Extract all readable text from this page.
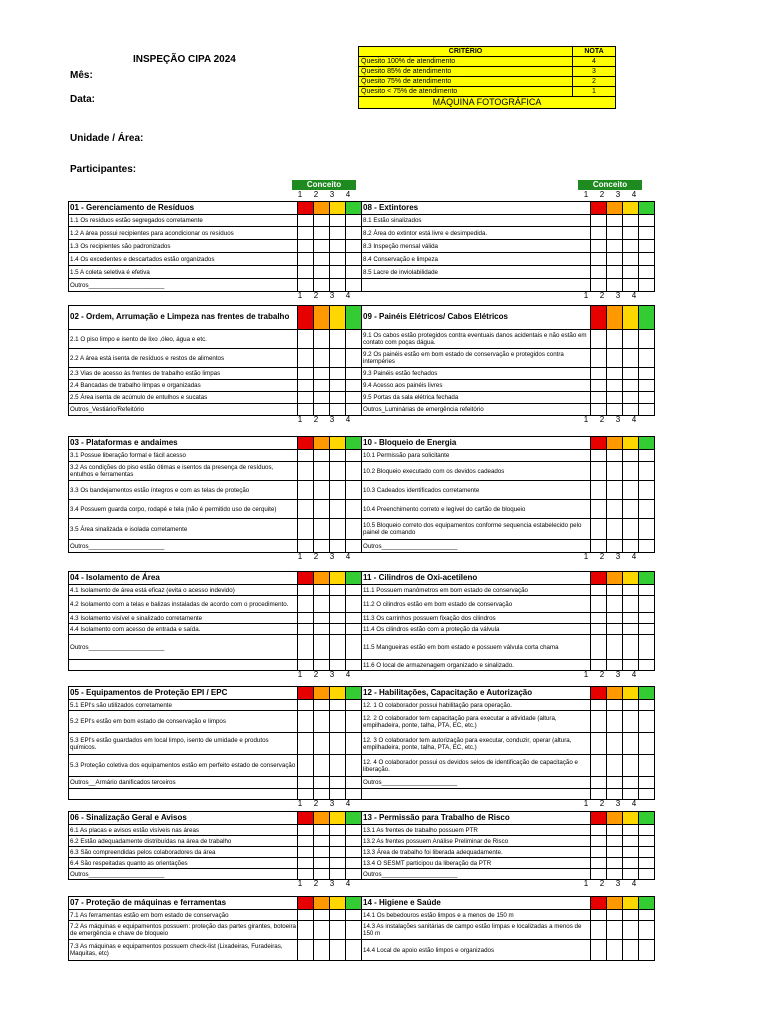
INSPEÇÃO CIPA 2024
Mês:
Data:
Unidade / Área:
Participantes:
CRITÉRIO	NOTA
Quesito 100% de atendimento	4
Quesito 85% de atendimento	3
Quesito 75% de atendimento	2
Quesito < 75% de atendimento	1
MÁQUINA FOTOGRÁFICA	
Conceito	Conceito
1	2	3	4	1	2	3	4
01 - Gerenciamento de Resíduos					08 - Extintores				
1.1 Os resíduos estão segregados corretamente					8.1 Estão sinalizados				
1.2 A área possui recipientes para acondicionar os resíduos					8.2 Área do extintor está livre e desimpedida.				
1.3 Os recipientes são padronizados					8.3 Inspeção mensal válida				
1.4 Os excedentes e descartados estão organizados					8.4 Conservação e limpeza				
1.5 A coleta seletiva é efetiva					8.5 Lacre de inviolabilidade				
Outros______________________									
1	2	3	4	1	2	3	4
02 - Ordem, Arrumação e Limpeza nas frentes de trabalho					09 - Painéis Elétricos/ Cabos Elétricos				
2.1 O piso limpo e isento de lixo ,óleo, água e etc.					9.1 Os cabos estão protegidos contra eventuais danos acidentais e não estão em contato com poças dágua.				
2.2 A área está isenta de resíduos e restos de alimentos					9.2 Os painéis estão em bom estado de conservação e protegidos contra intempéries				
2.3 Vias de acesso às frentes de trabalho estão limpas					9.3 Painéis estão fechados				
2.4 Bancadas de trabalho limpas e organizadas					9.4 Acesso aos painéis livres				
2.5 Área isenta de acúmulo de entulhos e sucatas					9.5 Portas da sala elétrica fechada				
Outros_Vestiário/Refeitório					Outros_Luminárias de emergência refeitório				
1	2	3	4	1	2	3	4
03 - Plataformas e andaimes					10 - Bloqueio de Energia				
3.1 Possue liberação formal e fácil acesso					10.1 Permissão para solicitante				
3.2 As condições do piso estão ótimas e isentos da presença de resíduos, entulhos e ferramentas					10.2 Bloqueio executado com os devidos cadeados				
3.3 Os bandejamentos estão íntegros e com as telas de proteção					10.3 Cadeados identificados corretamente				
3.4 Possuem guarda corpo, rodapé e tela (não é permitido uso de cerquite)					10.4 Preenchimento correto e legível do cartão de bloqueio				
3.5 Área sinalizada e isolada corretamente					10.5 Bloqueio correto dos equipamentos conforme sequencia estabelecido pelo painel de comando				
Outros______________________					Outros______________________				
1	2	3	4	1	2	3	4
04 - Isolamento de Área					11 - Cilindros de Oxi-acetileno				
4.1 Isolamento de área está eficaz (evita o acesso indevido)					11.1 Possuem manômetros em bom estado de conservação				
4.2 Isolamento com a telas e balizas instaladas de acordo com o procedimento.					11.2 O cilindros estão em bom estado de conservação				
4.3 Isolamento visível e sinalizado corretamente					11.3 Os carrinhos possuem fixação dos cilindros				
4.4 Isolamento com acesso de entrada e saída.					11.4 Os cilindros estão com a proteção da válvula				
Outros______________________					11.5 Mangueiras estão em bom estado e possuem válvula corta chama				
					11.6 O local de armazenagem organizado e sinalizado.				
1	2	3	4	1	2	3	4
05 - Equipamentos de Proteção EPI / EPC					12 - Habilitações, Capacitação e Autorização				
5.1 EPI's são utilizados corretamente					12. 1 O colaborador possui habilitação para operação.				
5.2 EPI's estão em bom estado de conservação e limpos					12. 2 O colaborador tem capacitação para executar a atividade (altura, empilhadeira, ponte, talha, PTA, EC, etc.)				
5.3 EPI's estão guardados em local limpo, isento de umidade e produtos químicos.					12. 3 O colaborador tem autorização para executar, conduzir, operar (altura, empilhadeira, ponte, talha, PTA, EC, etc.)				
5.3 Proteção coletiva dos equipamentos estão em perfeito estado de conservação					12. 4 O colaborador possui os devidos selos de identificação de capacitação e liberação.				
Outros__Armário danificados terceiros					Outros______________________				

1	2	3	4	1	2	3	4
06 - Sinalização Geral e Avisos					13 - Permissão para Trabalho de Risco				
6.1 As placas e avisos estão visíveis nas áreas					13.1 As frentes de trabalho possuem PTR				
6.2 Estão adequadamente distribuídas na área de trabalho					13.2 As frentes possuem Análise Preliminar de Risco				
6.3 São compreendidas pelos colaboradores da área					13.3 Área de trabalho foi liberada adequadamente.				
6.4 São respeitadas quanto as orientações					13.4 O SESMT participou da liberação da PTR				
Outros______________________					Outros______________________				
1	2	3	4	1	2	3	4
07 - Proteção de máquinas e ferramentas					14 - Higiene e Saúde				
7.1 As ferramentas estão em bom estado de conservação					14.1 Os bebedouros estão limpos e a menos de 150 m				
7.2 As máquinas e equipamentos possuem: proteção das partes girantes, botoeira de emergência e chave de bloqueio					14.3 As instalações sanitárias de campo estão limpas e localizadas a menos de 150 m				
7.3 As máquinas e equipamentos possuem check-list (Lixadeiras, Furadeiras, Maquitas, etc)					14.4 Local de apoio estão limpos e organizados				
